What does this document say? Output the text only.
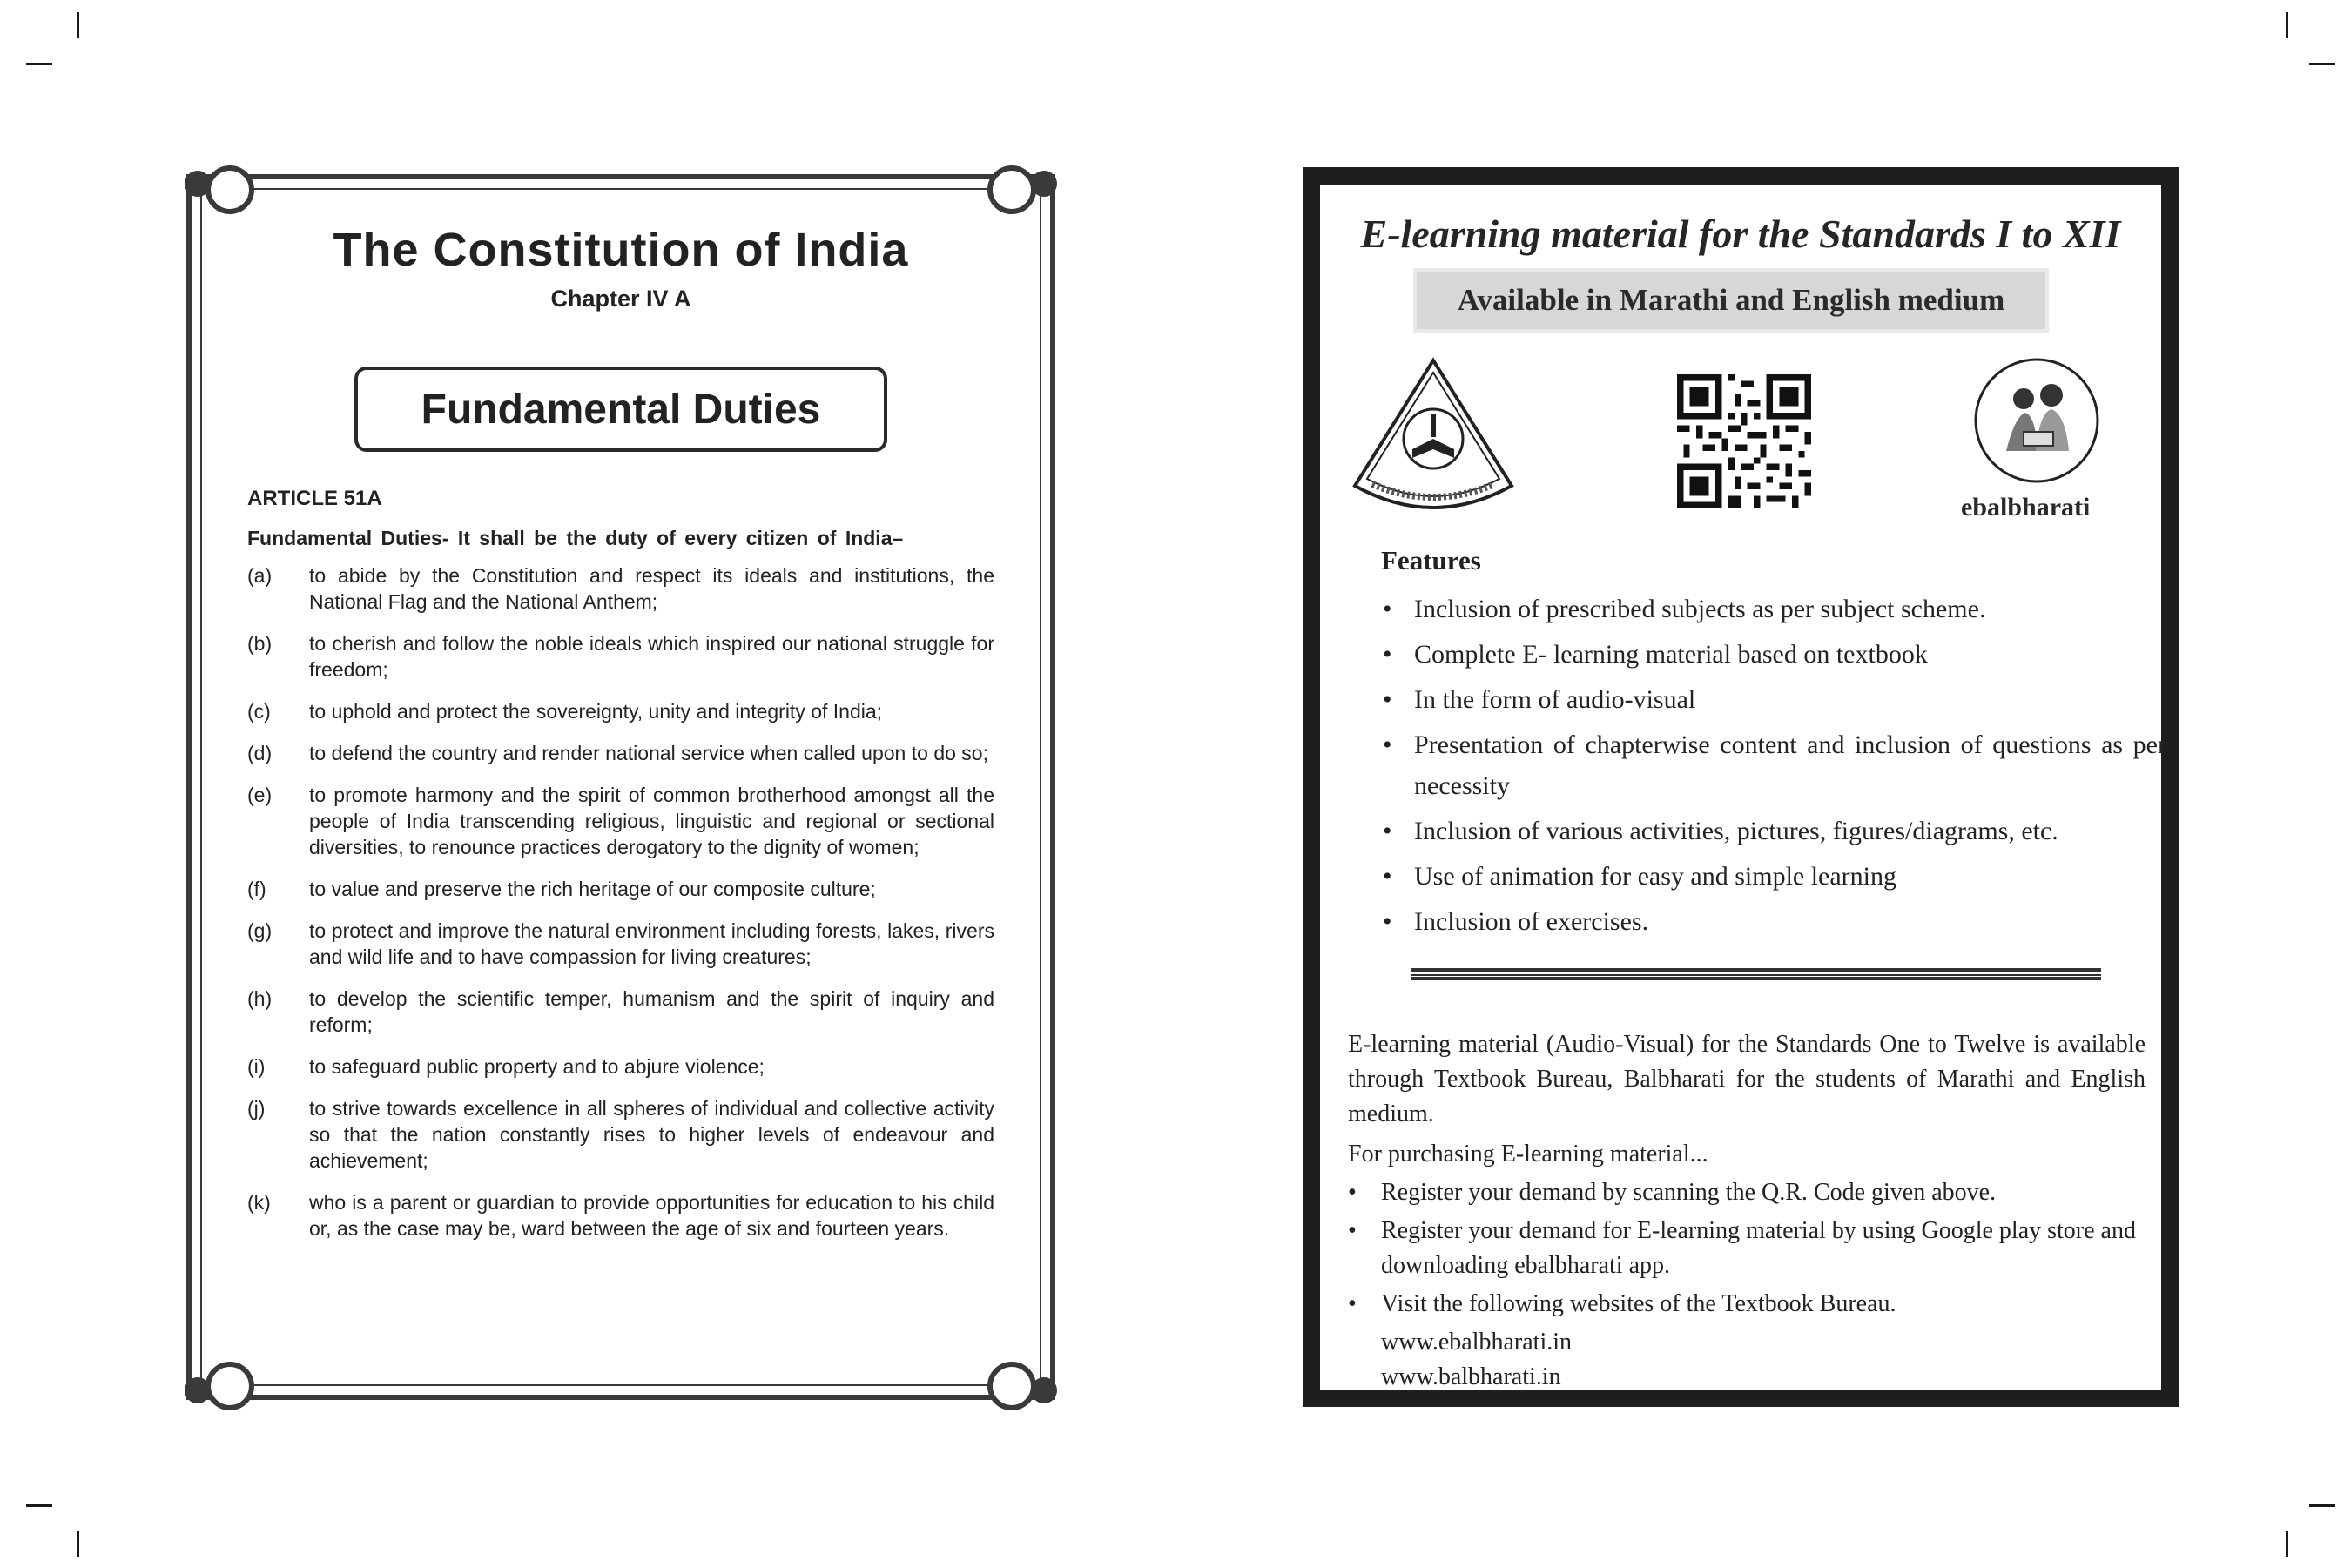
The Constitution of India
Chapter IV A
Fundamental Duties
ARTICLE 51A
Fundamental Duties- It shall be the duty of every citizen of India–
(a)	to abide by the Constitution and respect its ideals and institutions, the National Flag and the National Anthem;
(b)	to cherish and follow the noble ideals which inspired our national struggle for freedom;
(c)	to uphold and protect the sovereignty, unity and integrity of India;
(d)	to defend the country and render national service when called upon to do so;
(e)	to promote harmony and the spirit of common brotherhood amongst all the people of India transcending religious, linguistic and regional or sectional diversities, to renounce practices derogatory to the dignity of women;
(f)	to value and preserve the rich heritage of our composite culture;
(g)	to protect and improve the natural environment including forests, lakes, rivers and wild life and to have compassion for living creatures;
(h)	to develop the scientific temper, humanism and the spirit of inquiry and reform;
(i)	to safeguard public property and to abjure violence;
(j)	to strive towards excellence in all spheres of individual and collective activity so that the nation constantly rises to higher levels of endeavour and achievement;
(k)	who is a parent or guardian to provide opportunities for education to his child or, as the case may be, ward between the age of six and fourteen years.
E-learning material for the Standards I to XII
Available in Marathi and English medium
ebalbharati
Features
• Inclusion of prescribed subjects as per subject scheme.
• Complete E- learning material based on textbook
• In the form of audio-visual
• Presentation of chapterwise content and inclusion of questions as per necessity
• Inclusion of various activities, pictures, figures/diagrams, etc.
• Use of animation for easy and simple learning
• Inclusion of exercises.

E-learning material (Audio-Visual) for the Standards One to Twelve is available through Textbook Bureau, Balbharati for the students of Marathi and English medium.

For purchasing E-learning material...

• Register your demand by scanning the Q.R. Code given above.
• Register your demand for E-learning material by using Google play store and downloading ebalbharati app.
• Visit the following websites of the Textbook Bureau.
www.ebalbharati.in
www.balbharati.in
